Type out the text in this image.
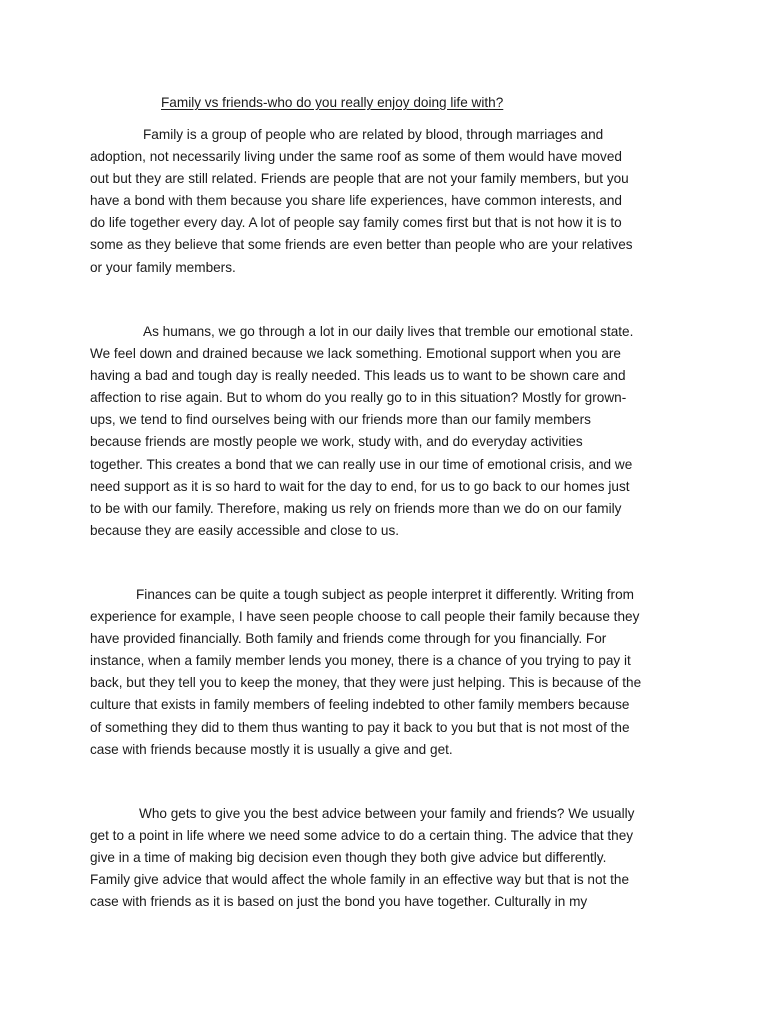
Family vs friends-who do you really enjoy doing life with?

Family is a group of people who are related by blood, through marriages and
adoption, not necessarily living under the same roof as some of them would have moved
out but they are still related. Friends are people that are not your family members, but you
have a bond with them because you share life experiences, have common interests, and
do life together every day. A lot of people say family comes first but that is not how it is to
some as they believe that some friends are even better than people who are your relatives
or your family members.

As humans, we go through a lot in our daily lives that tremble our emotional state.
We feel down and drained because we lack something. Emotional support when you are
having a bad and tough day is really needed. This leads us to want to be shown care and
affection to rise again. But to whom do you really go to in this situation? Mostly for grown-
ups, we tend to find ourselves being with our friends more than our family members
because friends are mostly people we work, study with, and do everyday activities
together. This creates a bond that we can really use in our time of emotional crisis, and we
need support as it is so hard to wait for the day to end, for us to go back to our homes just
to be with our family. Therefore, making us rely on friends more than we do on our family
because they are easily accessible and close to us.

Finances can be quite a tough subject as people interpret it differently. Writing from
experience for example, I have seen people choose to call people their family because they
have provided financially. Both family and friends come through for you financially. For
instance, when a family member lends you money, there is a chance of you trying to pay it
back, but they tell you to keep the money, that they were just helping. This is because of the
culture that exists in family members of feeling indebted to other family members because
of something they did to them thus wanting to pay it back to you but that is not most of the
case with friends because mostly it is usually a give and get.

Who gets to give you the best advice between your family and friends? We usually
get to a point in life where we need some advice to do a certain thing. The advice that they
give in a time of making big decision even though they both give advice but differently.
Family give advice that would affect the whole family in an effective way but that is not the
case with friends as it is based on just the bond you have together. Culturally in my
